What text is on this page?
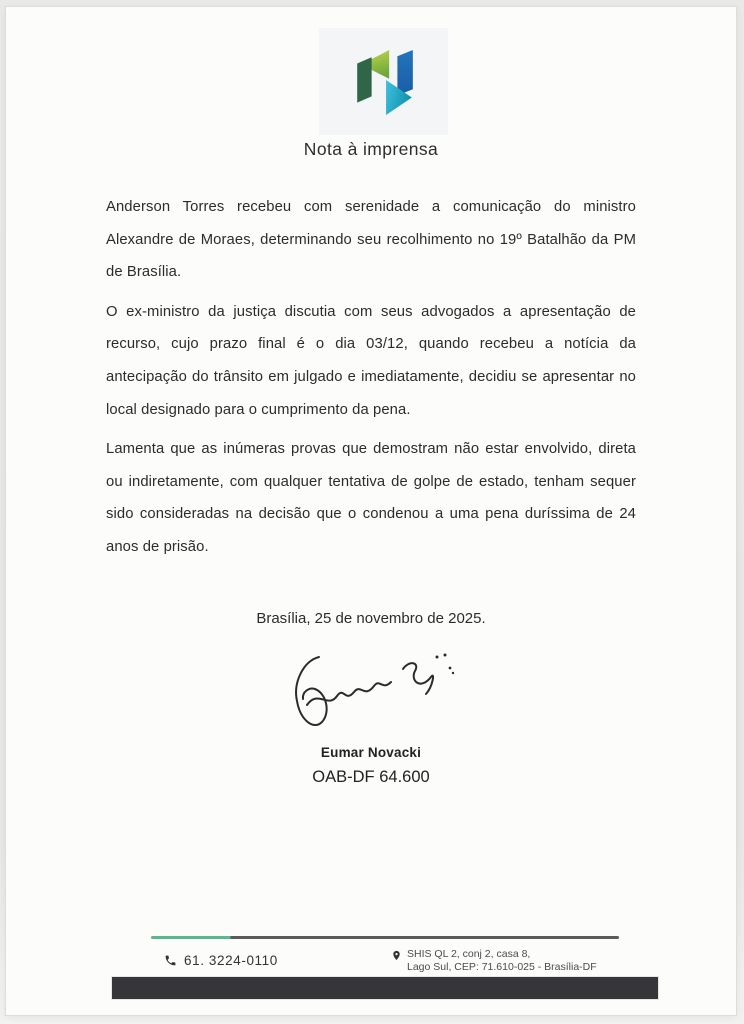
Nota à imprensa

Anderson Torres recebeu com serenidade a comunicação do ministro Alexandre de Moraes, determinando seu recolhimento no 19º Batalhão da PM de Brasília.

O ex-ministro da justiça discutia com seus advogados a apresentação de recurso, cujo prazo final é o dia 03/12, quando recebeu a notícia da antecipação do trânsito em julgado e imediatamente, decidiu se apresentar no local designado para o cumprimento da pena.

Lamenta que as inúmeras provas que demostram não estar envolvido, direta ou indiretamente, com qualquer tentativa de golpe de estado, tenham sequer sido consideradas na decisão que o condenou a uma pena duríssima de 24 anos de prisão.

Brasília, 25 de novembro de 2025.
Eumar Novacki
OAB-DF 64.600
61. 3224-0110	SHIS QL 2, conj 2, casa 8,
Lago Sul, CEP: 71.610-025 - Brasília-DF
